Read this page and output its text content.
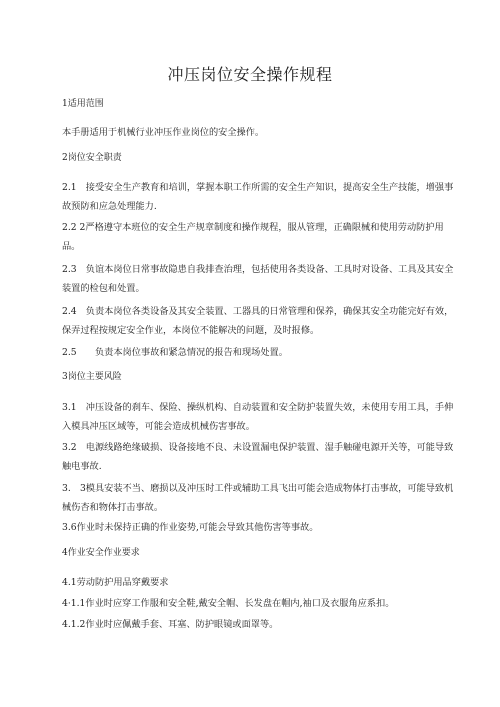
冲压岗位安全操作规程
1适用范围
本手册适用于机械行业冲压作业岗位的安全操作。
2岗位安全职责
2.1　接受安全生产教育和培训，掌握本职工作所需的安全生产知识，提高安全生产技能，增强事故预防和应急处理能力.
2.2 2严格遵守本班位的安全生产规章制度和操作规程，服从管理，正确限械和使用劳动防护用品。
2.3　负谊本岗位日常事故隐患自我排查治理，包括使用各类设备、工具时对设备、工具及其安全装置的检包和处置。
2.4　负责本岗位各类设备及其安全装置、工器具的日常管理和保养，确保其安全功能完好有效，保弄过程按规定安全作业，本岗位不能解决的问题，及时报修。
2.5　　负责本岗位事故和紧急情况的报告和现场处置。
3岗位主要风险
3.1　冲压设备的刹车、保险、操纵机构、自动装置和安全防护装置失效，未使用专用工具，手伸入模具冲压区域等，可能会造成机械伤害事故。
3.2　电源线路绝缘破损、设备接地不良、未设置漏电保护装置、湿手触碰电源开关等，可能导致触电事故.
3.　3模具安装不当、磨损以及冲压时工件或辅助工具飞出可能会造成物体打击事故，可能导致机械伤杏和物体打击事故。
3.6作业时未保持正确的作业姿势,可能会导致其他伤害等事故。
4作业安全作业要求
4.1劳动防护用品穿戴要求
4·1.1作业时应穿工作服和安全鞋,戴安全帽、长发盘在帽内,袖口及衣服角应系扣。
4.1.2作业时应佩戴手套、耳塞、防护眼镜或面罩等。
